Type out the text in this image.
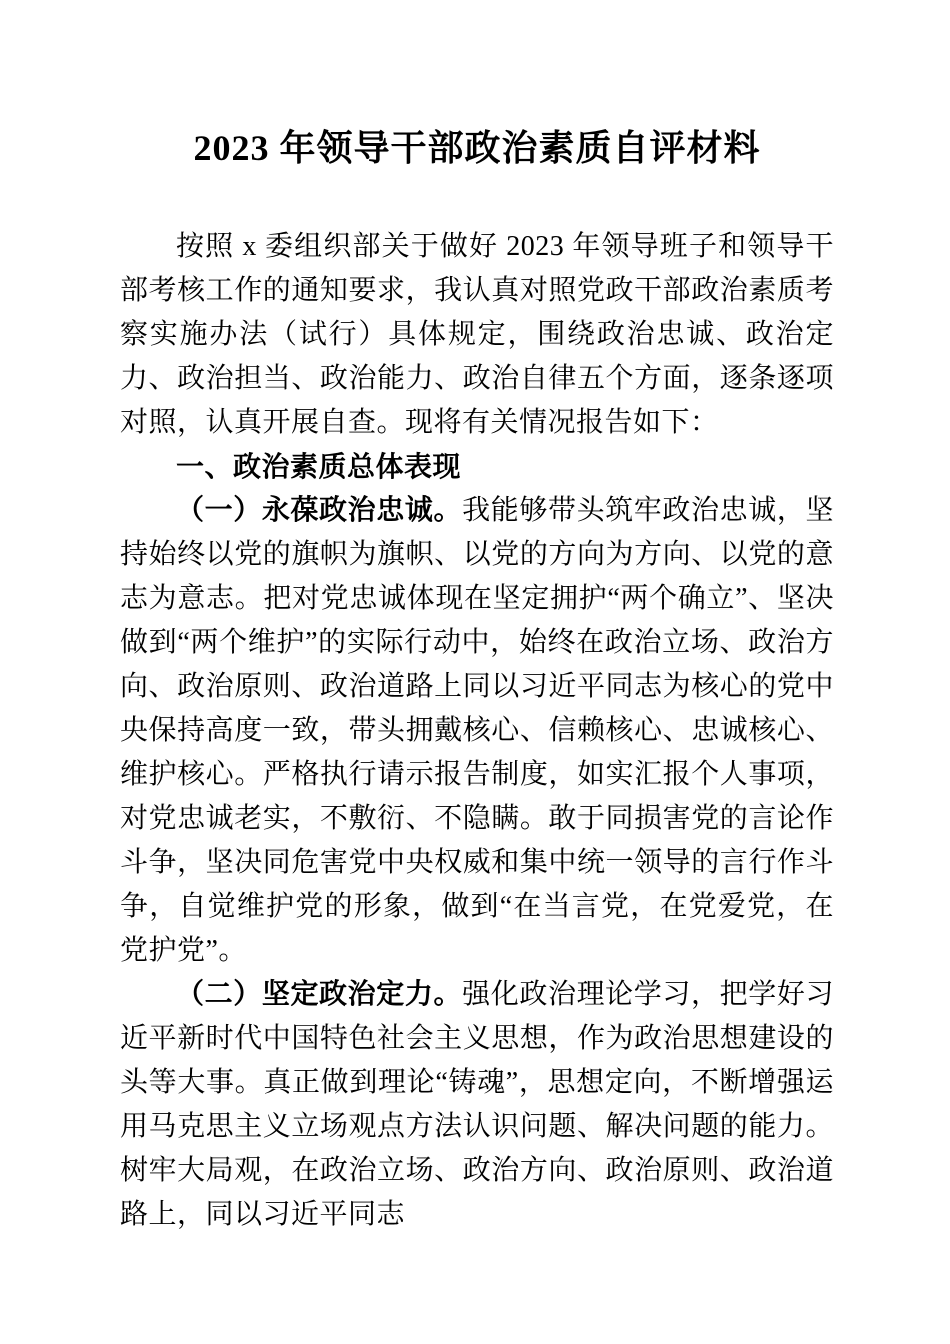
2023 年领导干部政治素质自评材料

按照 x 委组织部关于做好 2023 年领导班子和领导干部考核工作的通知要求，我认真对照党政干部政治素质考察实施办法（试行）具体规定，围绕政治忠诚、政治定力、政治担当、政治能力、政治自律五个方面，逐条逐项对照，认真开展自查。现将有关情况报告如下：

一、政治素质总体表现

（一）永葆政治忠诚。我能够带头筑牢政治忠诚，坚持始终以党的旗帜为旗帜、以党的方向为方向、以党的意志为意志。把对党忠诚体现在坚定拥护“两个确立”、坚决做到“两个维护”的实际行动中，始终在政治立场、政治方向、政治原则、政治道路上同以习近平同志为核心的党中央保持高度一致，带头拥戴核心、信赖核心、忠诚核心、维护核心。严格执行请示报告制度，如实汇报个人事项，对党忠诚老实，不敷衍、不隐瞒。敢于同损害党的言论作斗争，坚决同危害党中央权威和集中统一领导的言行作斗争，自觉维护党的形象，做到“在当言党，在党爱党，在党护党”。

（二）坚定政治定力。强化政治理论学习，把学好习近平新时代中国特色社会主义思想，作为政治思想建设的头等大事。真正做到理论“铸魂”，思想定向，不断增强运用马克思主义立场观点方法认识问题、解决问题的能力。树牢大局观，在政治立场、政治方向、政治原则、政治道路上，同以习近平同志
